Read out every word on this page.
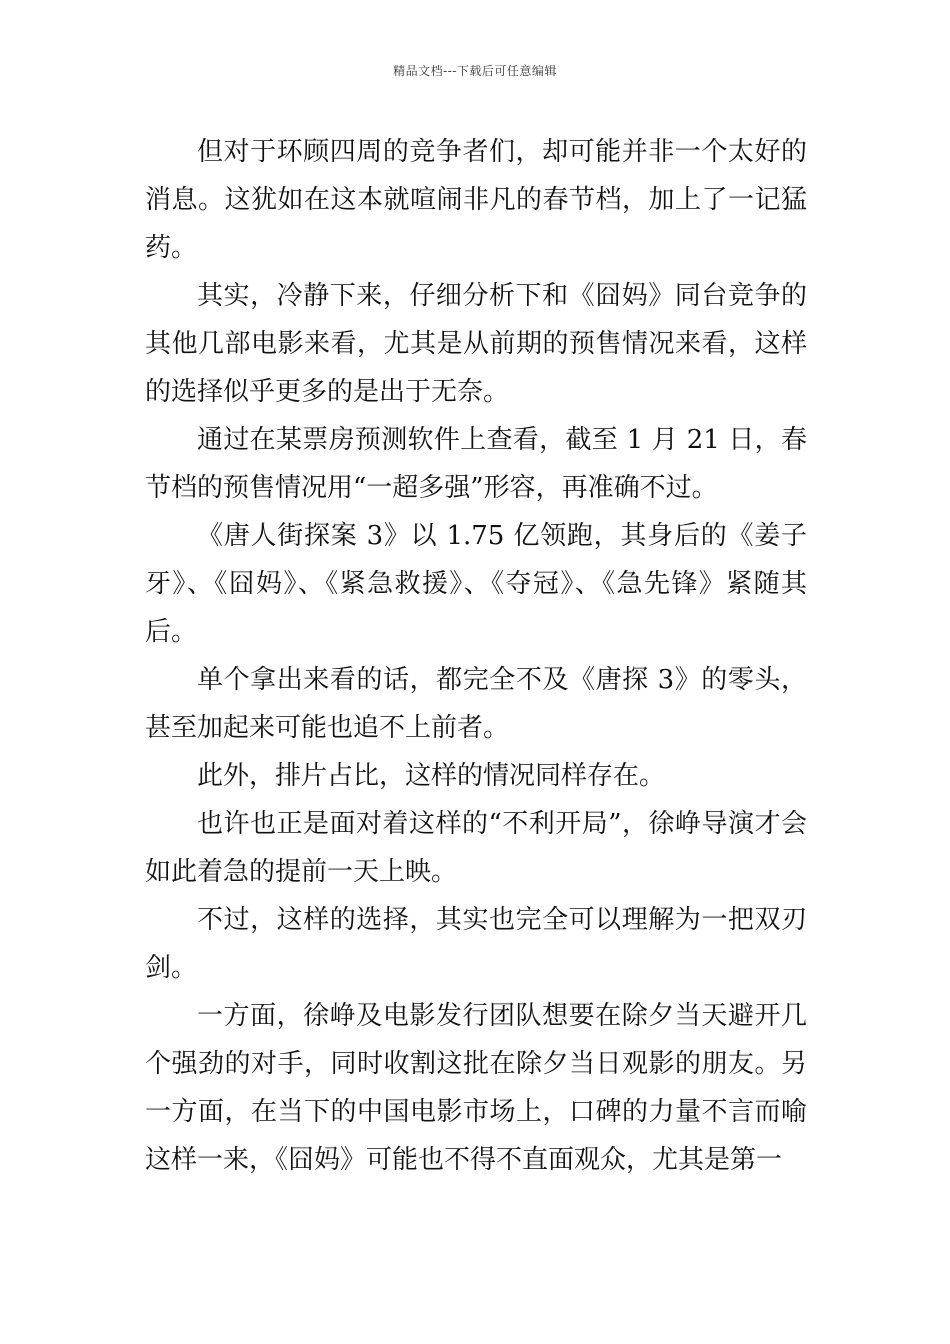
精品文档---下载后可任意编辑

但对于环顾四周的竞争者们，却可能并非一个太好的消息。这犹如在这本就喧闹非凡的春节档，加上了一记猛药。

其实，冷静下来，仔细分析下和《囧妈》同台竞争的其他几部电影来看，尤其是从前期的预售情况来看，这样的选择似乎更多的是出于无奈。

通过在某票房预测软件上查看，截至 1 月 21 日，春节档的预售情况用“一超多强”形容，再准确不过。

《唐人街探案 3》以 1.75 亿领跑，其身后的《姜子牙》、《囧妈》、《紧急救援》、《夺冠》、《急先锋》紧随其后。

单个拿出来看的话，都完全不及《唐探 3》的零头，甚至加起来可能也追不上前者。

此外，排片占比，这样的情况同样存在。

也许也正是面对着这样的“不利开局”，徐峥导演才会如此着急的提前一天上映。

不过，这样的选择，其实也完全可以理解为一把双刃剑。

一方面，徐峥及电影发行团队想要在除夕当天避开几个强劲的对手，同时收割这批在除夕当日观影的朋友。另一方面，在当下的中国电影市场上，口碑的力量不言而喻这样一来，《囧妈》可能也不得不直面观众，尤其是第一
